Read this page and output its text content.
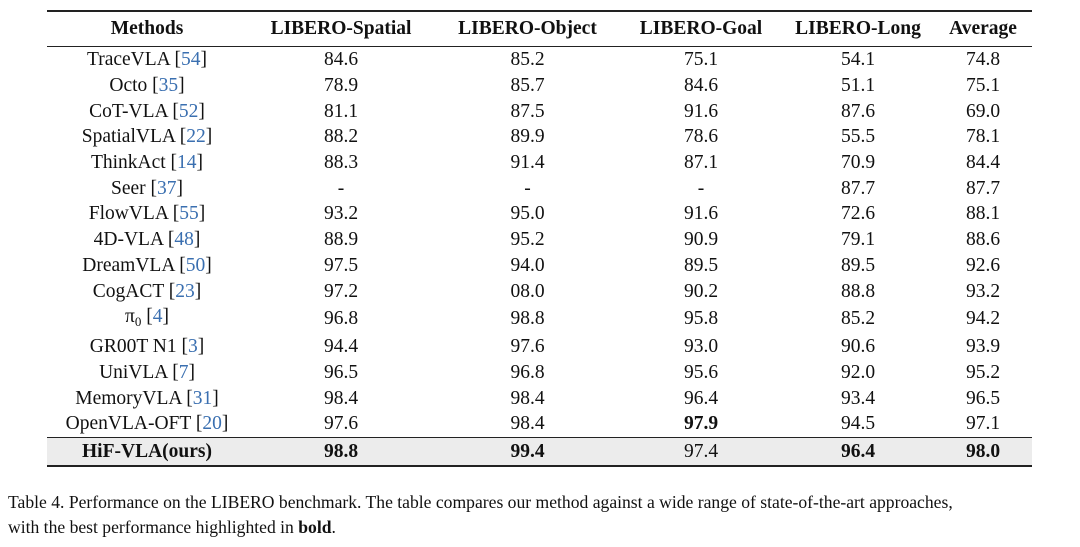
Methods	LIBERO-Spatial	LIBERO-Object	LIBERO-Goal	LIBERO-Long	Average
TraceVLA [54]	84.6	85.2	75.1	54.1	74.8
Octo [35]	78.9	85.7	84.6	51.1	75.1
CoT-VLA [52]	81.1	87.5	91.6	87.6	69.0
SpatialVLA [22]	88.2	89.9	78.6	55.5	78.1
ThinkAct [14]	88.3	91.4	87.1	70.9	84.4
Seer [37]	-	-	-	87.7	87.7
FlowVLA [55]	93.2	95.0	91.6	72.6	88.1
4D-VLA [48]	88.9	95.2	90.9	79.1	88.6
DreamVLA [50]	97.5	94.0	89.5	89.5	92.6
CogACT [23]	97.2	08.0	90.2	88.8	93.2
$\pi_0$ [4]	96.8	98.8	95.8	85.2	94.2
GR00T N1 [3]	94.4	97.6	93.0	90.6	93.9
UniVLA [7]	96.5	96.8	95.6	92.0	95.2
MemoryVLA [31]	98.4	98.4	96.4	93.4	96.5
OpenVLA-OFT [20]	97.6	98.4	97.9	94.5	97.1
HiF-VLA(ours)	98.8	99.4	97.4	96.4	98.0
Table 4. Performance on the LIBERO benchmark. The table compares our method against a wide range of state-of-the-art approaches,
with the best performance highlighted in bold.
